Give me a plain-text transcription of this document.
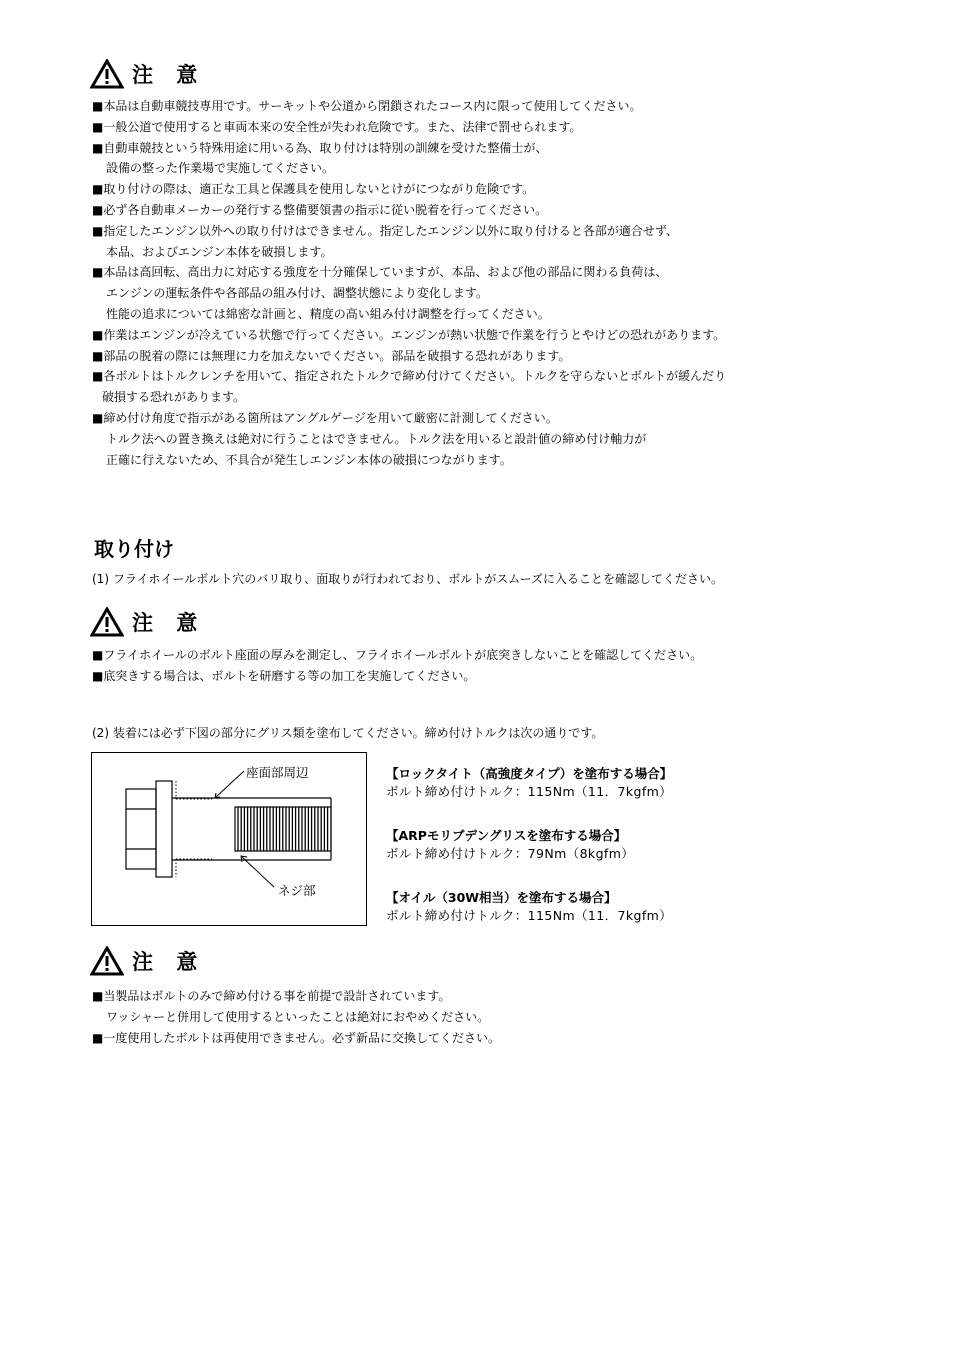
注 意
■本品は自動車競技専用です。サーキットや公道から閉鎖されたコース内に限って使用してください。
■一般公道で使用すると車両本来の安全性が失われ危険です。また、法律で罰せられます。
■自動車競技という特殊用途に用いる為、取り付けは特別の訓練を受けた整備士が、
設備の整った作業場で実施してください。
■取り付けの際は、適正な工具と保護具を使用しないとけがにつながり危険です。
■必ず各自動車メーカーの発行する整備要領書の指示に従い脱着を行ってください。
■指定したエンジン以外への取り付けはできません。指定したエンジン以外に取り付けると各部が適合せず、
本品、およびエンジン本体を破損します。
■本品は高回転、高出力に対応する強度を十分確保していますが、本品、および他の部品に関わる負荷は、
エンジンの運転条件や各部品の組み付け、調整状態により変化します。
性能の追求については綿密な計画と、精度の高い組み付け調整を行ってください。
■作業はエンジンが冷えている状態で行ってください。エンジンが熱い状態で作業を行うとやけどの恐れがあります。
■部品の脱着の際には無理に力を加えないでください。部品を破損する恐れがあります。
■各ボルトはトルクレンチを用いて、指定されたトルクで締め付けてください。トルクを守らないとボルトが緩んだり
破損する恐れがあります。
■締め付け角度で指示がある箇所はアングルゲージを用いて厳密に計測してください。
トルク法への置き換えは絶対に行うことはできません。トルク法を用いると設計値の締め付け軸力が
正確に行えないため、不具合が発生しエンジン本体の破損につながります。
取り付け
(1) フライホイールボルト穴のバリ取り、面取りが行われており、ボルトがスムーズに入ることを確認してください。
注 意
■フライホイールのボルト座面の厚みを測定し、フライホイールボルトが底突きしないことを確認してください。
■底突きする場合は、ボルトを研磨する等の加工を実施してください。
(2) 装着には必ず下図の部分にグリス類を塗布してください。締め付けトルクは次の通りです。
座面部周辺
ネジ部
【ロックタイト（高強度タイプ）を塗布する場合】
ボルト締め付けトルク：115Nm（11．7kgfm）
【ARPモリブデングリスを塗布する場合】
ボルト締め付けトルク：79Nm（8kgfm）
【オイル（30W相当）を塗布する場合】
ボルト締め付けトルク：115Nm（11．7kgfm）
注 意
■当製品はボルトのみで締め付ける事を前提で設計されています。
ワッシャーと併用して使用するといったことは絶対におやめください。
■一度使用したボルトは再使用できません。必ず新品に交換してください。
